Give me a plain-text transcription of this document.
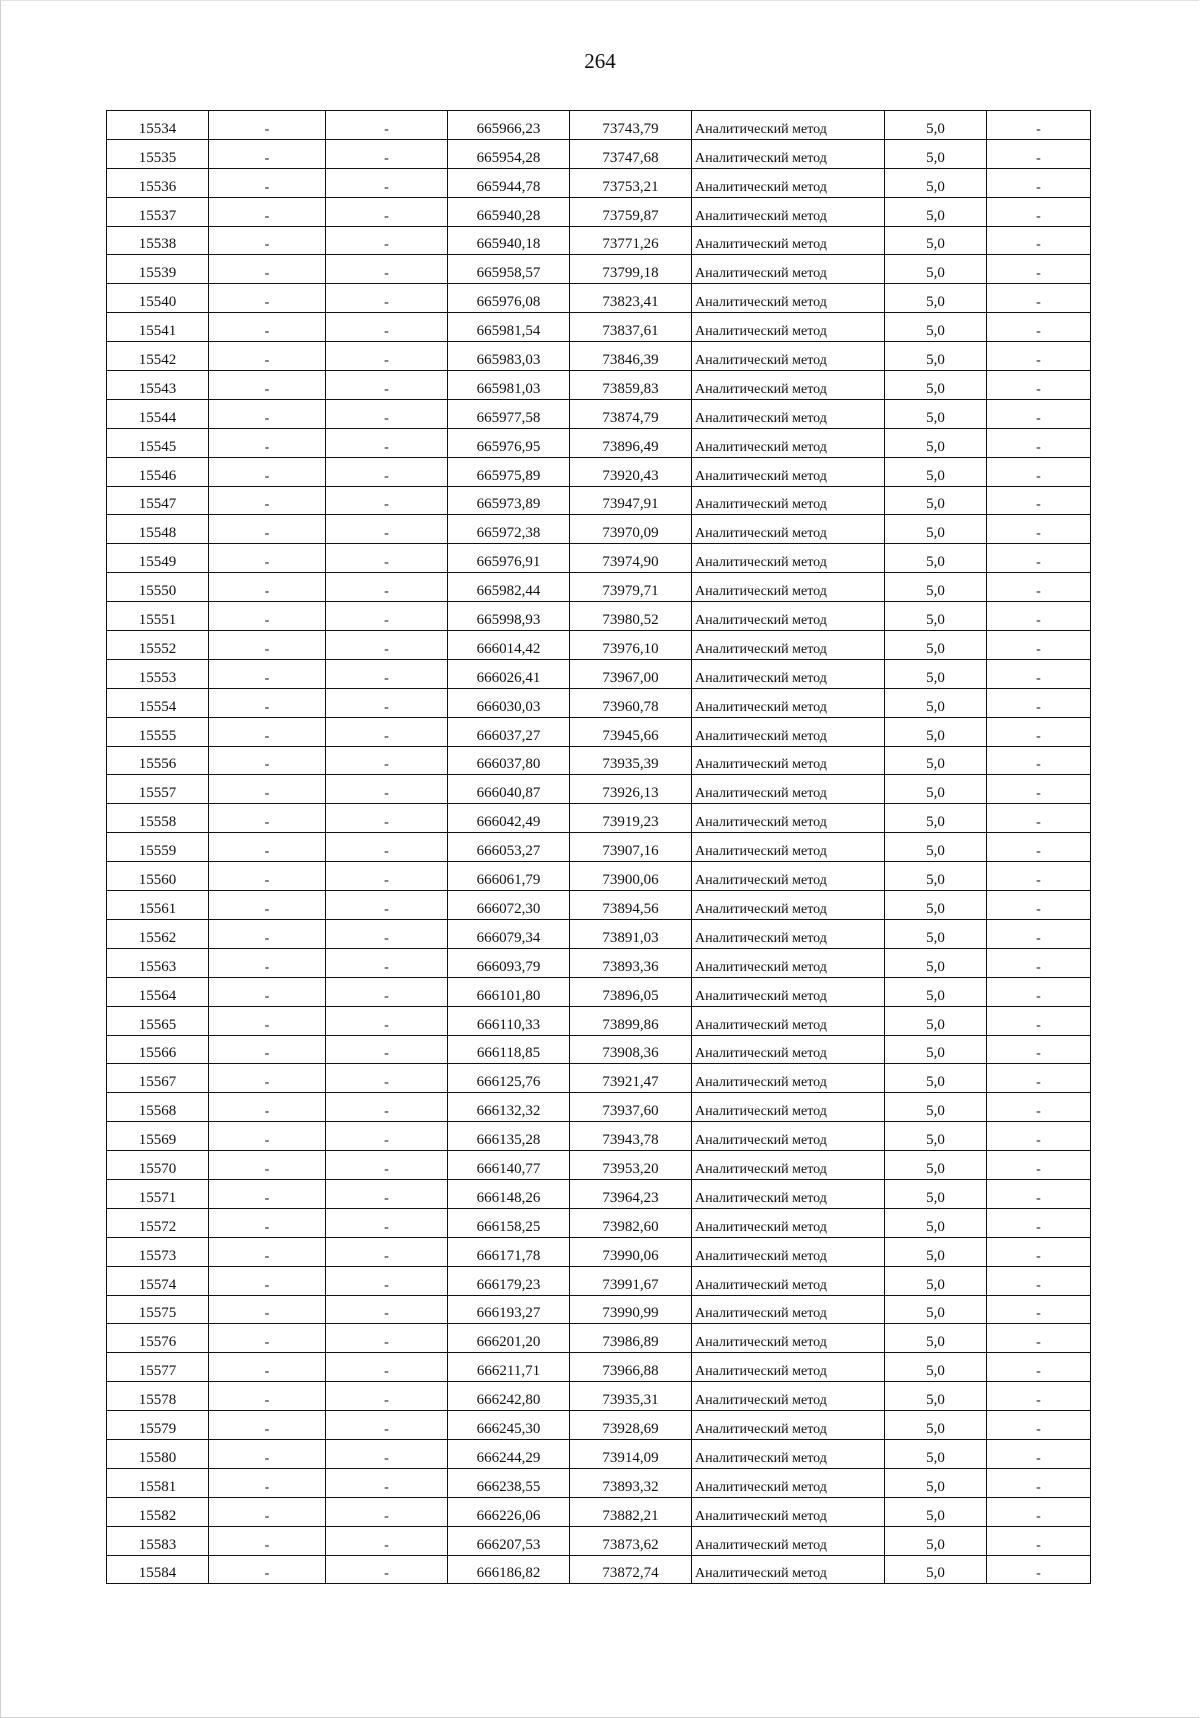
264
15534	-	-	665966,23	73743,79	Аналитический метод	5,0	-
15535	-	-	665954,28	73747,68	Аналитический метод	5,0	-
15536	-	-	665944,78	73753,21	Аналитический метод	5,0	-
15537	-	-	665940,28	73759,87	Аналитический метод	5,0	-
15538	-	-	665940,18	73771,26	Аналитический метод	5,0	-
15539	-	-	665958,57	73799,18	Аналитический метод	5,0	-
15540	-	-	665976,08	73823,41	Аналитический метод	5,0	-
15541	-	-	665981,54	73837,61	Аналитический метод	5,0	-
15542	-	-	665983,03	73846,39	Аналитический метод	5,0	-
15543	-	-	665981,03	73859,83	Аналитический метод	5,0	-
15544	-	-	665977,58	73874,79	Аналитический метод	5,0	-
15545	-	-	665976,95	73896,49	Аналитический метод	5,0	-
15546	-	-	665975,89	73920,43	Аналитический метод	5,0	-
15547	-	-	665973,89	73947,91	Аналитический метод	5,0	-
15548	-	-	665972,38	73970,09	Аналитический метод	5,0	-
15549	-	-	665976,91	73974,90	Аналитический метод	5,0	-
15550	-	-	665982,44	73979,71	Аналитический метод	5,0	-
15551	-	-	665998,93	73980,52	Аналитический метод	5,0	-
15552	-	-	666014,42	73976,10	Аналитический метод	5,0	-
15553	-	-	666026,41	73967,00	Аналитический метод	5,0	-
15554	-	-	666030,03	73960,78	Аналитический метод	5,0	-
15555	-	-	666037,27	73945,66	Аналитический метод	5,0	-
15556	-	-	666037,80	73935,39	Аналитический метод	5,0	-
15557	-	-	666040,87	73926,13	Аналитический метод	5,0	-
15558	-	-	666042,49	73919,23	Аналитический метод	5,0	-
15559	-	-	666053,27	73907,16	Аналитический метод	5,0	-
15560	-	-	666061,79	73900,06	Аналитический метод	5,0	-
15561	-	-	666072,30	73894,56	Аналитический метод	5,0	-
15562	-	-	666079,34	73891,03	Аналитический метод	5,0	-
15563	-	-	666093,79	73893,36	Аналитический метод	5,0	-
15564	-	-	666101,80	73896,05	Аналитический метод	5,0	-
15565	-	-	666110,33	73899,86	Аналитический метод	5,0	-
15566	-	-	666118,85	73908,36	Аналитический метод	5,0	-
15567	-	-	666125,76	73921,47	Аналитический метод	5,0	-
15568	-	-	666132,32	73937,60	Аналитический метод	5,0	-
15569	-	-	666135,28	73943,78	Аналитический метод	5,0	-
15570	-	-	666140,77	73953,20	Аналитический метод	5,0	-
15571	-	-	666148,26	73964,23	Аналитический метод	5,0	-
15572	-	-	666158,25	73982,60	Аналитический метод	5,0	-
15573	-	-	666171,78	73990,06	Аналитический метод	5,0	-
15574	-	-	666179,23	73991,67	Аналитический метод	5,0	-
15575	-	-	666193,27	73990,99	Аналитический метод	5,0	-
15576	-	-	666201,20	73986,89	Аналитический метод	5,0	-
15577	-	-	666211,71	73966,88	Аналитический метод	5,0	-
15578	-	-	666242,80	73935,31	Аналитический метод	5,0	-
15579	-	-	666245,30	73928,69	Аналитический метод	5,0	-
15580	-	-	666244,29	73914,09	Аналитический метод	5,0	-
15581	-	-	666238,55	73893,32	Аналитический метод	5,0	-
15582	-	-	666226,06	73882,21	Аналитический метод	5,0	-
15583	-	-	666207,53	73873,62	Аналитический метод	5,0	-
15584	-	-	666186,82	73872,74	Аналитический метод	5,0	-
